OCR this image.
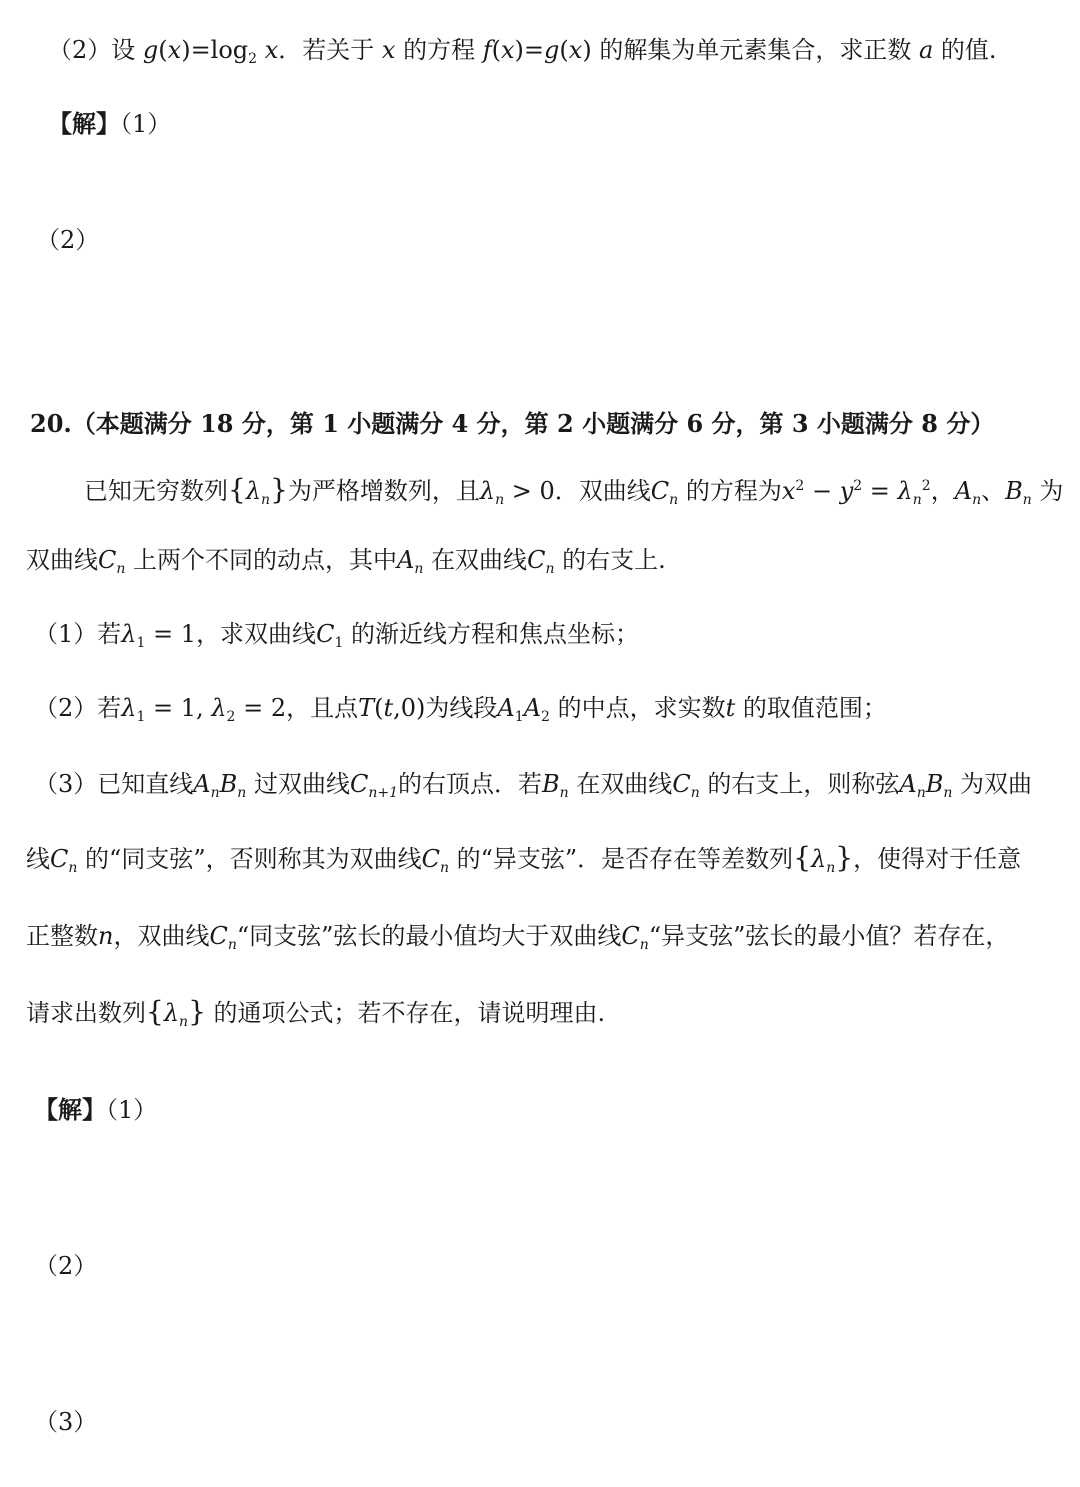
（2）设 $g(x)=\log_2$ x．若关于 x 的方程 f(x)=g(x) 的解集为单元素集合，求正数 a 的值.
【解】（1）
（2）
20.（本题满分 18 分，第 1 小题满分 4 分，第 2 小题满分 6 分，第 3 小题满分 8 分）
已知无穷数列$\{\lambda_n\}$为严格增数列，且$\lambda_n > 0$．双曲线$C_n$ 的方程为$x^2 - y^2 = \lambda_n^2$，$A_n$、$B_n$ 为
双曲线$C_n$ 上两个不同的动点，其中$A_n$ 在双曲线$C_n$ 的右支上.
（1）若$\lambda_1 = 1$，求双曲线$C_1$ 的渐近线方程和焦点坐标；
（2）若$\lambda_1 = 1$, $\lambda_2 = 2$，且点T(t,0)为线段$A_1A_2$ 的中点，求实数t 的取值范围；
（3）已知直线$A_nB_n$ 过双曲线$C_{n+1}$的右顶点．若$B_n$ 在双曲线$C_n$ 的右支上，则称弦$A_nB_n$ 为双曲
线$C_n$ 的“同支弦”，否则称其为双曲线$C_n$ 的“异支弦”．是否存在等差数列$\{\lambda_n\}$，使得对于任意
正整数n，双曲线$C_n“$同支弦”弦长的最小值均大于双曲线$C_n“$异支弦”弦长的最小值？若存在，
请求出数列$\{\lambda_n\}$ 的通项公式；若不存在，请说明理由.
【解】（1）
（2）
（3）
